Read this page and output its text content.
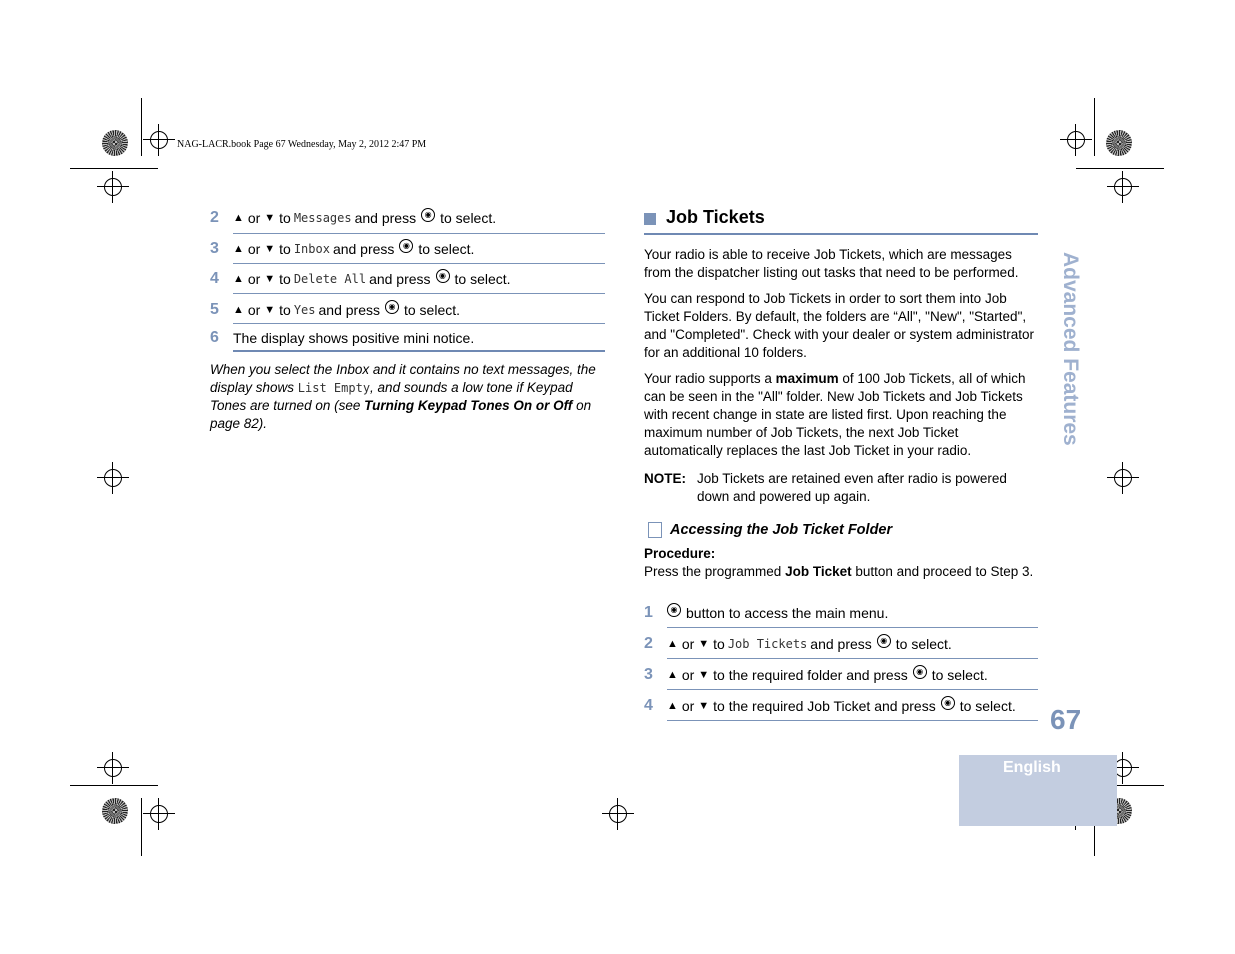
NAG-LACR.book Page 67 Wednesday, May 2, 2012 2:47 PM
2 ▲ or
▼ to Messages and press	◉ to select.
3 ▲ or
▼ to Inbox and press	◉ to select.
4 ▲ or
▼ to Delete All and press	◉ to select.
5 ▲ or
▼ to Yes and press	◉ to select.
6 The display shows positive mini notice.
When you select the Inbox and it contains no text messages, the display shows List Empty, and sounds a low tone if Keypad Tones are turned on (see Turning Keypad Tones On or Off on page 82).
Job Tickets
Your radio is able to receive Job Tickets, which are messages from the dispatcher listing out tasks that need to be performed.
You can respond to Job Tickets in order to sort them into Job Ticket Folders. By default, the folders are “All", "New", "Started", and "Completed". Check with your dealer or system administrator for an additional 10 folders.
Your radio supports a maximum of 100 Job Tickets, all of which can be seen in the "All" folder. New Job Tickets and Job Tickets with recent change in state are listed first. Upon reaching the maximum number of Job Tickets, the next Job Ticket automatically replaces the last Job Ticket in your radio.
NOTE: Job Tickets are retained even after radio is powered down and powered up again.
Accessing the Job Ticket Folder
Procedure:
Press the programmed Job Ticket button and proceed to Step 3.
1	◉ button to access the main menu.
2 ▲ or
▼ to Job Tickets and press	◉ to select.
3 ▲ or
▼ to the required folder and press	◉ to select.
4 ▲ or
▼ to the required Job Ticket and press	◉ to select.
Advanced Features
67
English
